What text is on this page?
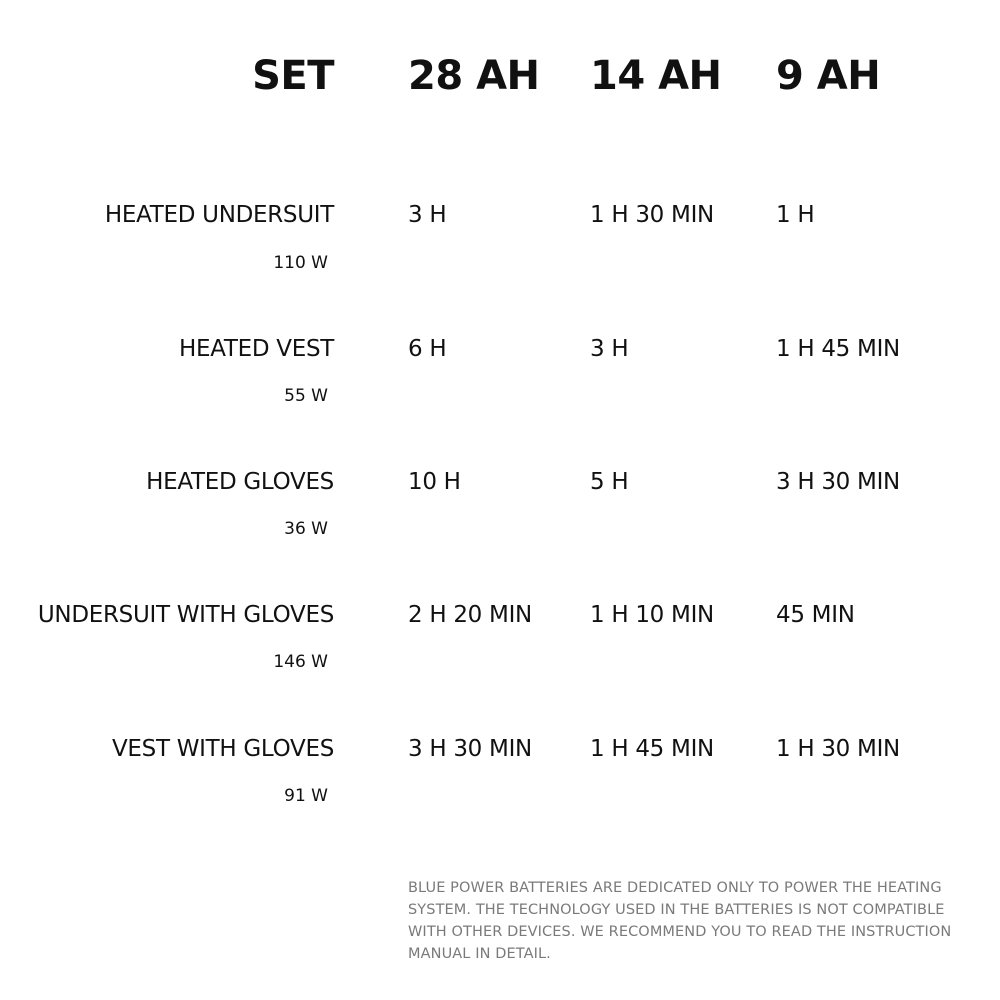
SET 28 AH 14 AH 9 AH
HEATED UNDERSUIT
110 W
3 H	1 H 30 MIN	1 H
HEATED VEST
55 W
6 H	3 H	1 H 45 MIN
HEATED GLOVES
36 W
10 H	5 H	3 H 30 MIN
UNDERSUIT WITH GLOVES
146 W
2 H 20 MIN	1 H 10 MIN	45 MIN
VEST WITH GLOVES
91 W
3 H 30 MIN	1 H 45 MIN	1 H 30 MIN

BLUE POWER BATTERIES ARE DEDICATED ONLY TO POWER THE HEATING SYSTEM. THE TECHNOLOGY USED IN THE BATTERIES IS NOT COMPATIBLE WITH OTHER DEVICES. WE RECOMMEND YOU TO READ THE INSTRUCTION MANUAL IN DETAIL.
